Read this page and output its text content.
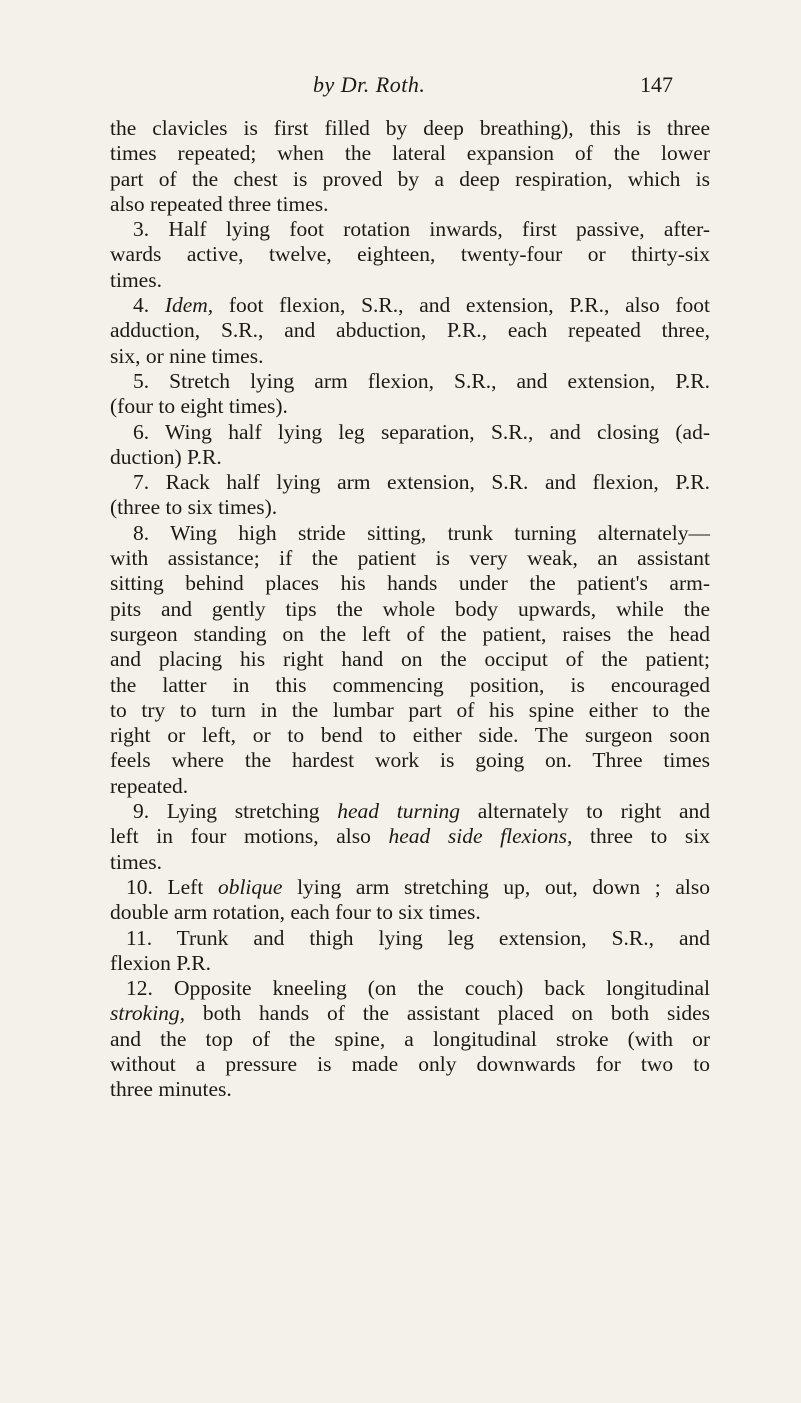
by Dr. Roth.	147
the clavicles is first filled by deep breathing), this is three
times repeated; when the lateral expansion of the lower
part of the chest is proved by a deep respiration, which is
also repeated three times.
3. Half lying foot rotation inwards, first passive, after-
wards active, twelve, eighteen, twenty-four or thirty-six
times.
4. Idem, foot flexion, S.R., and extension, P.R., also foot
adduction, S.R., and abduction, P.R., each repeated three,
six, or nine times.
5. Stretch lying arm flexion, S.R., and extension, P.R.
(four to eight times).
6. Wing half lying leg separation, S.R., and closing (ad-
duction) P.R.
7. Rack half lying arm extension, S.R. and flexion, P.R.
(three to six times).
8. Wing high stride sitting, trunk turning alternately—
with assistance; if the patient is very weak, an assistant
sitting behind places his hands under the patient's arm-
pits and gently tips the whole body upwards, while the
surgeon standing on the left of the patient, raises the head
and placing his right hand on the occiput of the patient;
the latter in this commencing position, is encouraged
to try to turn in the lumbar part of his spine either to the
right or left, or to bend to either side. The surgeon soon
feels where the hardest work is going on. Three times
repeated.
9. Lying stretching head turning alternately to right and
left in four motions, also head side flexions, three to six
times.
10. Left oblique lying arm stretching up, out, down ; also
double arm rotation, each four to six times.
11. Trunk and thigh lying leg extension, S.R., and
flexion P.R.
12. Opposite kneeling (on the couch) back longitudinal
stroking, both hands of the assistant placed on both sides
and the top of the spine, a longitudinal stroke (with or
without a pressure is made only downwards for two to
three minutes.
